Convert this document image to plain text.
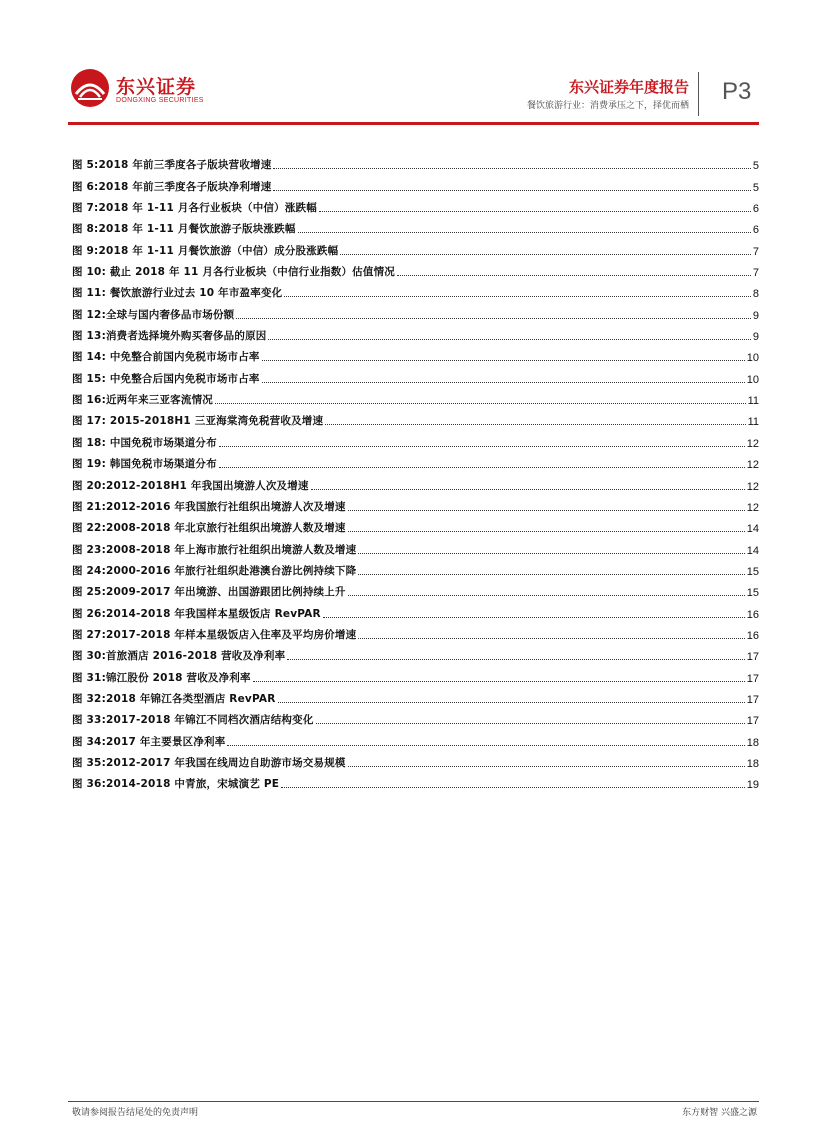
东兴证券
DONGXING SECURITIES
东兴证券年度报告
餐饮旅游行业：消费承压之下，择优而栖
P3
图 5:2018 年前三季度各子版块营收增速	5
图 6:2018 年前三季度各子版块净利增速	5
图 7:2018 年 1-11 月各行业板块（中信）涨跌幅	6
图 8:2018 年 1-11 月餐饮旅游子版块涨跌幅	6
图 9:2018 年 1-11 月餐饮旅游（中信）成分股涨跌幅	7
图 10: 截止 2018 年 11 月各行业板块（中信行业指数）估值情况	7
图 11: 餐饮旅游行业过去 10 年市盈率变化	8
图 12:全球与国内奢侈品市场份额	9
图 13:消费者选择境外购买奢侈品的原因	9
图 14: 中免整合前国内免税市场市占率	10
图 15: 中免整合后国内免税市场市占率	10
图 16:近两年来三亚客流情况	11
图 17: 2015-2018H1 三亚海棠湾免税营收及增速	11
图 18: 中国免税市场渠道分布	12
图 19: 韩国免税市场渠道分布	12
图 20:2012-2018H1 年我国出境游人次及增速	12
图 21:2012-2016 年我国旅行社组织出境游人次及增速	12
图 22:2008-2018 年北京旅行社组织出境游人数及增速	14
图 23:2008-2018 年上海市旅行社组织出境游人数及增速	14
图 24:2000-2016 年旅行社组织赴港澳台游比例持续下降	15
图 25:2009-2017 年出境游、出国游跟团比例持续上升	15
图 26:2014-2018 年我国样本星级饭店 RevPAR	16
图 27:2017-2018 年样本星级饭店入住率及平均房价增速	16
图 30:首旅酒店 2016-2018 营收及净利率	17
图 31:锦江股份 2018 营收及净利率	17
图 32:2018 年锦江各类型酒店 RevPAR	17
图 33:2017-2018 年锦江不同档次酒店结构变化	17
图 34:2017 年主要景区净利率	18
图 35:2012-2017 年我国在线周边自助游市场交易规模	18
图 36:2014-2018 中青旅，宋城演艺 PE	19
敬请参阅报告结尾处的免责声明	东方财智 兴盛之源
